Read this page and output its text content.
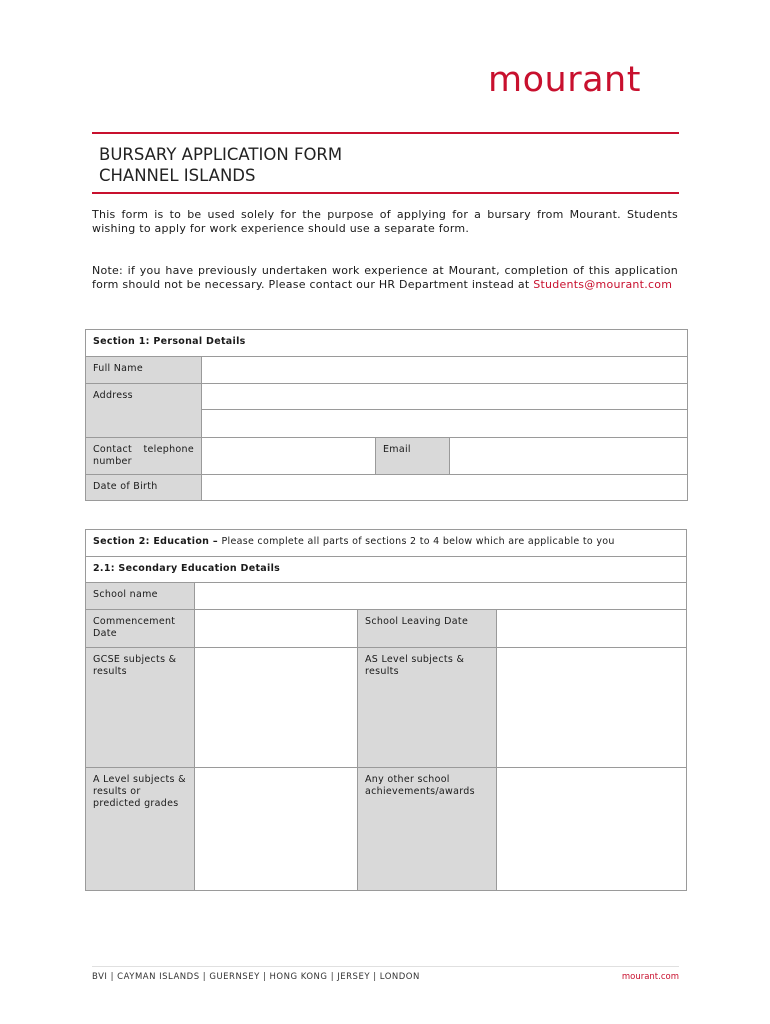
mourant
BURSARY APPLICATION FORM
CHANNEL ISLANDS
This form is to be used solely for the purpose of applying for a bursary from Mourant. Students wishing to apply for work experience should use a separate form.
Note: if you have previously undertaken work experience at Mourant, completion of this application form should not be necessary. Please contact our HR Department instead at Students@mourant.com
Section 1: Personal Details			
Full Name			
Address			

Contact telephone number		Email	
Date of Birth			
Section 2: Education – Please complete all parts of sections 2 to 4 below which are applicable to you			
2.1: Secondary Education Details			
School name			
Commencement Date		School Leaving Date	
GCSE subjects & results		AS Level subjects & results	
A Level subjects & results or predicted grades		Any other school achievements/awards	
BVI | CAYMAN ISLANDS | GUERNSEY | HONG KONG | JERSEY | LONDON	mourant.com
